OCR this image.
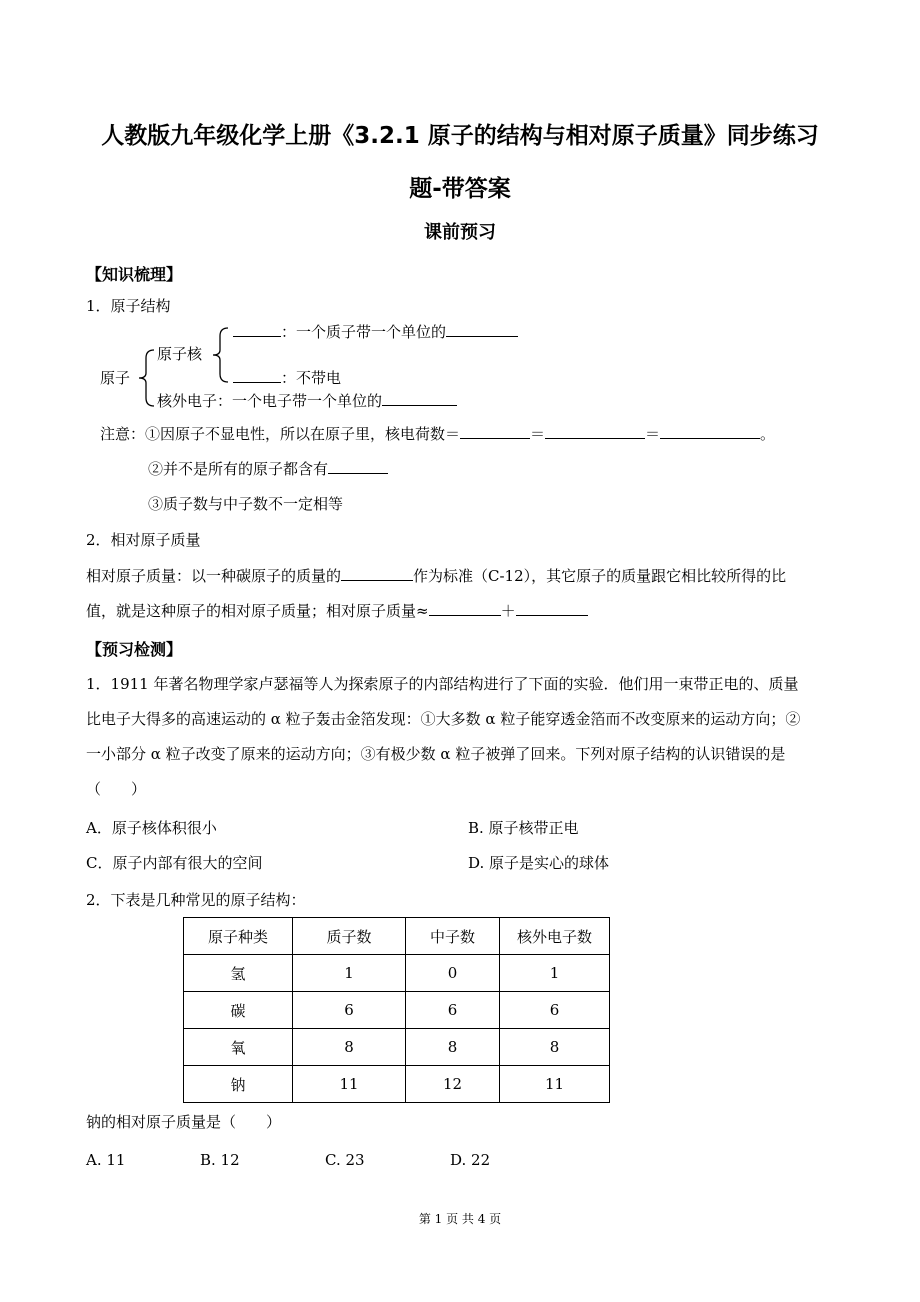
人教版九年级化学上册《3.2.1 原子的结构与相对原子质量》同步练习
题-带答案
课前预习
【知识梳理】
1．原子结构
：一个质子带一个单位的
原子核
：不带电
原子
核外电子：一个电子带一个单位的
注意：①因原子不显电性，所以在原子里，核电荷数＝	＝	＝	。
②并不是所有的原子都含有
③质子数与中子数不一定相等
2．相对原子质量
相对原子质量：以一种碳原子的质量的	作为标准（C-12），其它原子的质量跟它相比较所得的比
值，就是这种原子的相对原子质量；相对原子质量≈	＋
【预习检测】
1．1911 年著名物理学家卢瑟福等人为探索原子的内部结构进行了下面的实验．他们用一束带正电的、质量
比电子大得多的高速运动的 α 粒子轰击金箔发现：①大多数 α 粒子能穿透金箔而不改变原来的运动方向；②
一小部分 α 粒子改变了原来的运动方向；③有极少数 α 粒子被弹了回来。下列对原子结构的认识错误的是
（　　）
A．原子核体积很小	B. 原子核带正电
C．原子内部有很大的空间	D. 原子是实心的球体
2．下表是几种常见的原子结构：
原子种类	质子数	中子数	核外电子数
氢	1	0	1
碳	6	6	6
氧	8	8	8
钠	11	12	11
钠的相对原子质量是（　　）
A. 11	B. 12	C. 23	D. 22
第 1 页 共 4 页
